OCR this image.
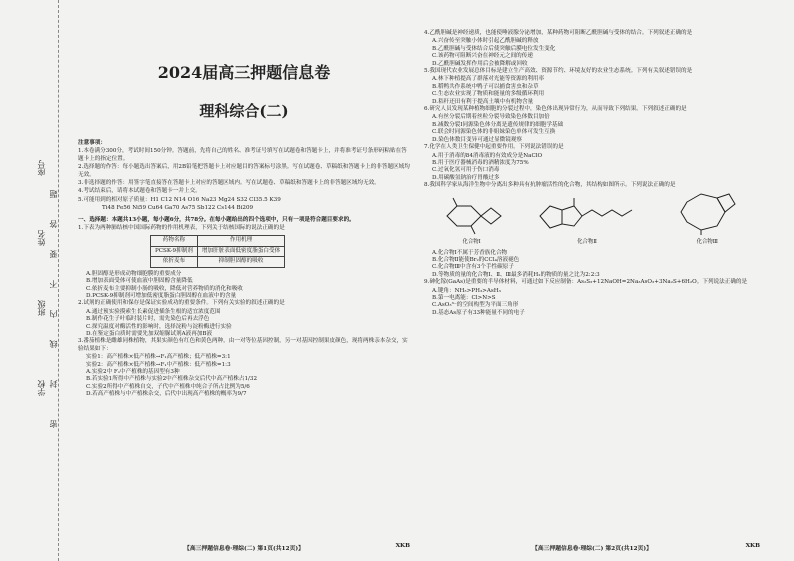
学校
班级
姓名
座号
密
封
线
内
不
要
答
题
2024届高三押题信息卷
理科综合(二)
注意事项：
1.本卷满分300分，考试时间150分钟。答题前，先将自己的姓名、准考证号填写在试题卷和答题卡上，并将准考证号条形码粘贴在答题卡上的指定位置。
2.选择题的作答：每小题选出答案后，用2B铅笔把答题卡上对应题目的答案标号涂黑。写在试题卷、草稿纸和答题卡上的非答题区域均无效。
3.非选择题的作答：用签字笔直接答在答题卡上对应的答题区域内。写在试题卷、草稿纸和答题卡上的非答题区域均无效。
4.考试结束后，请将本试题卷和答题卡一并上交。
5.可能用到的相对原子质量：H1 C12 N14 O16 Na23 Mg24 S32 Cl35.5 K39
Ti48 Fe56 Ni59 Cu64 Ga70 As75 Sb122 Cs144 Bi209
一、选择题：本题共13小题，每小题6分，共78分。在每小题给出的四个选项中，只有一项是符合题目要求的。
1.下表为两种肺结核中国国际药物的作用机理表，下列关于结核国际的说法正确的是
药物名称	作用机理
PCSK-9抑制剂	增加肝脏表面低密度脂蛋白受体
依折麦布	抑制胆固醇的吸收
A.胆固醇是形成动物细胞膜的重要成分
B.增加表面受体可使血液中胆固醇含量降低
C.依折麦布主要抑制小肠的吸收，降低对营养物质的消化和吸收
D.PCSK-9抑制剂可增加低密度脂蛋白胆固醇在血液中的含量
2.试剂的正确使用和保存是保证实验成功的重要条件。下列有关实验的叙述正确的是
A.通过预实验摸索生长素促进插条生根的适宜浓度范围
B.制作花生子叶临时装片时，需先染色后再去浮色
C.探究温度对酶活性的影响时，选择淀粉与淀粉酶进行实验
D.在鉴定蛋白质时需要先加双缩脲试剂A液再加B液
3.番茄植株是雌雄同株植物，其果实颜色有红色和黄色两种，由一对等位基因控制，另一对基因控制果皮颜色，现将两株亲本杂交，实验结果如下：
实验1：高产植株×低产植株→F₁高产植株；低产植株=3:1
实验2：高产植株×低产植株→F₁中产植株：低产植株=1:3
A.实验2中 F₁中产植株的基因型有3种
B.若实验1所得中产植株与实验2中产植株杂交后代中高产植株占1/32
C.实验2所得中产植株自交，子代中产植株中纯合子所占比例为5/6
D.若高产植株与中产植株杂交，后代中出现高产植株的概率为9/7
【高三押题信息卷·理综(二) 第1页(共12页)】	XKB
4.乙酰胆碱是神经递质，也能使唾液腺分泌增加，某种药物可阻断乙酰胆碱与受体的结合。下列叙述正确的是
A.兴奋传至突触小体时引起乙酰胆碱的释放
B.乙酰胆碱与受体结合后使突触后膜电位发生变化
C.该药物可阻断兴奋在神经元之间的传递
D.乙酰胆碱发挥作用后会被降解或回收
5.我国现代农业发展总体目标是建立生产高效、资源节约、环境友好的农业生态系统。下列有关叙述错误的是
A.林下种植提高了群落对光能等资源的利用率
B.稻鸭共作系统中鸭子可以捕食害虫和杂草
C.生态农业实现了物质和能量的多级循环利用
D.秸秆还田有利于提高土壤中有机物含量
6.研究人员发现某种植物细胞的分裂过程中，染色体出现异常行为，从而导致下列结果。下列叙述正确的是
A.有丝分裂后期着丝粒分裂导致染色体数目加倍
B.减数分裂Ⅰ同源染色体分离是遗传规律的细胞学基础
C.联会时同源染色体的非姐妹染色单体可发生互换
D.染色体数目变异可通过显微镜观察
7.化学在人类卫生保健中起重要作用。下列说法错误的是
A.用于消毒的84消毒液的有效成分是NaClO
B.用于医疗器械消毒的酒精浓度为75%
C.过氧化氢可用于伤口消毒
D.用碳酸氢钠治疗胃酸过多
8.我国科学家从海洋生物中分离出多种具有抗肿瘤活性的化合物，其结构如图所示。下列说法正确的是
化合物Ⅰ	化合物Ⅱ	化合物Ⅲ
A.化合物Ⅰ不属于芳香族化合物
B.化合物Ⅱ能使Br₂的CCl₄溶液褪色
C.化合物Ⅲ中含有3个手性碳原子
D.等物质的量的化合物Ⅰ、Ⅱ、Ⅲ最多消耗H₂的物质的量之比为2:2:3
9.砷化镓(GaAs)是重要的半导体材料，可通过如下反应制备：As₂S₃+12NaOH=2Na₃AsO₃+3Na₂S+6H₂O。下列说法正确的是
A.键角：NH₃>PH₃>AsH₃
B.第一电离能：Cl>N>S
C.AsO₃³⁻的空间构型为平面三角形
D.基态As原子有33种能量不同的电子
【高三押题信息卷·理综(二) 第2页(共12页)】	XKB
